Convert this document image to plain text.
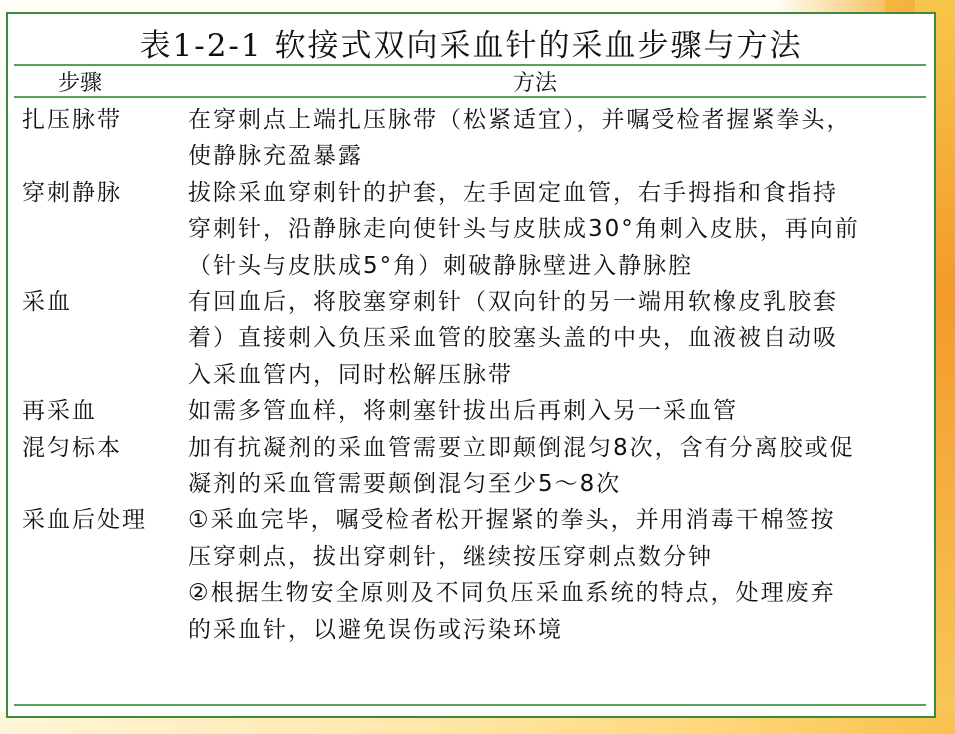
表1-2-1 软接式双向采血针的采血步骤与方法
步骤	方法
扎压脉带	在穿刺点上端扎压脉带（松紧适宜），并嘱受检者握紧拳头，
使静脉充盈暴露
穿刺静脉	拔除采血穿刺针的护套，左手固定血管，右手拇指和食指持
穿刺针，沿静脉走向使针头与皮肤成30°角刺入皮肤，再向前
（针头与皮肤成5°角）刺破静脉壁进入静脉腔
采血	有回血后，将胶塞穿刺针（双向针的另一端用软橡皮乳胶套
着）直接刺入负压采血管的胶塞头盖的中央，血液被自动吸
入采血管内，同时松解压脉带
再采血	如需多管血样，将刺塞针拔出后再刺入另一采血管
混匀标本	加有抗凝剂的采血管需要立即颠倒混匀8次，含有分离胶或促
凝剂的采血管需要颠倒混匀至少5～8次
采血后处理	①采血完毕，嘱受检者松开握紧的拳头，并用消毒干棉签按
压穿刺点，拔出穿刺针，继续按压穿刺点数分钟
②根据生物安全原则及不同负压采血系统的特点，处理废弃
的采血针，以避免误伤或污染环境
